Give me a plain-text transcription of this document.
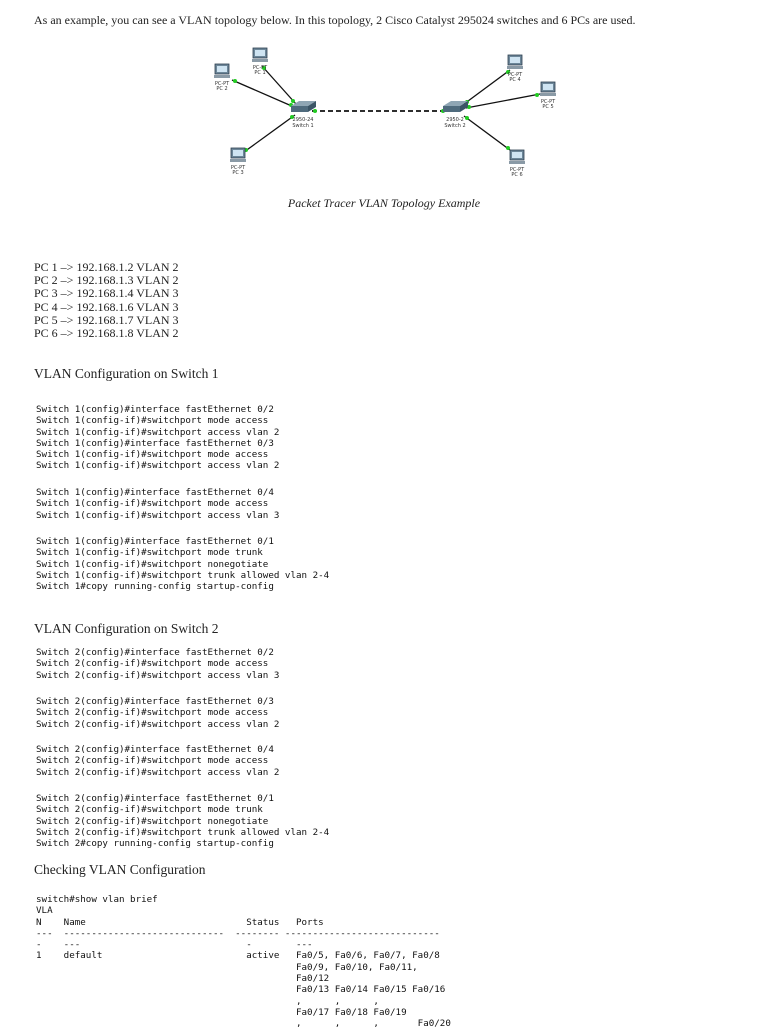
As an example, you can see a VLAN topology below. In this topology, 2 Cisco Catalyst 295024 switches and 6 PCs are used.
2950-24
Switch 1
2950-2
Switch 2
PC-PT
PC 1
PC-PT
PC 2
PC-PT
PC 3
PC-PT
PC 4
PC-PT
PC 5
PC-PT
PC 6
Packet Tracer VLAN Topology Example
PC 1 –> 192.168.1.2 VLAN 2
PC 2 –> 192.168.1.3 VLAN 2
PC 3 –> 192.168.1.4 VLAN 3
PC 4 –> 192.168.1.6 VLAN 3
PC 5 –> 192.168.1.7 VLAN 3
PC 6 –> 192.168.1.8 VLAN 2
VLAN Configuration on Switch 1
Switch 1(config)#interface fastEthernet 0/2
Switch 1(config-if)#switchport mode access
Switch 1(config-if)#switchport access vlan 2
Switch 1(config)#interface fastEthernet 0/3
Switch 1(config-if)#switchport mode access
Switch 1(config-if)#switchport access vlan 2
Switch 1(config)#interface fastEthernet 0/4
Switch 1(config-if)#switchport mode access
Switch 1(config-if)#switchport access vlan 3
Switch 1(config)#interface fastEthernet 0/1
Switch 1(config-if)#switchport mode trunk
Switch 1(config-if)#switchport nonegotiate
Switch 1(config-if)#switchport trunk allowed vlan 2-4
Switch 1#copy running-config startup-config
VLAN Configuration on Switch 2
Switch 2(config)#interface fastEthernet 0/2
Switch 2(config-if)#switchport mode access
Switch 2(config-if)#switchport access vlan 3
Switch 2(config)#interface fastEthernet 0/3
Switch 2(config-if)#switchport mode access
Switch 2(config-if)#switchport access vlan 2
Switch 2(config)#interface fastEthernet 0/4
Switch 2(config-if)#switchport mode access
Switch 2(config-if)#switchport access vlan 2
Switch 2(config)#interface fastEthernet 0/1
Switch 2(config-if)#switchport mode trunk
Switch 2(config-if)#switchport nonegotiate
Switch 2(config-if)#switchport trunk allowed vlan 2-4
Switch 2#copy running-config startup-config
Checking VLAN Configuration
switch#show vlan brief
VLA
N    Name                             Status   Ports
---  -----------------------------  -------- ----------------------------
-    ---                              -        ---
1    default                          active   Fa0/5, Fa0/6, Fa0/7, Fa0/8
Fa0/9, Fa0/10, Fa0/11,
Fa0/12
Fa0/13 Fa0/14 Fa0/15 Fa0/16
,      ,      ,
Fa0/17 Fa0/18 Fa0/19
,      ,      ,       Fa0/20
